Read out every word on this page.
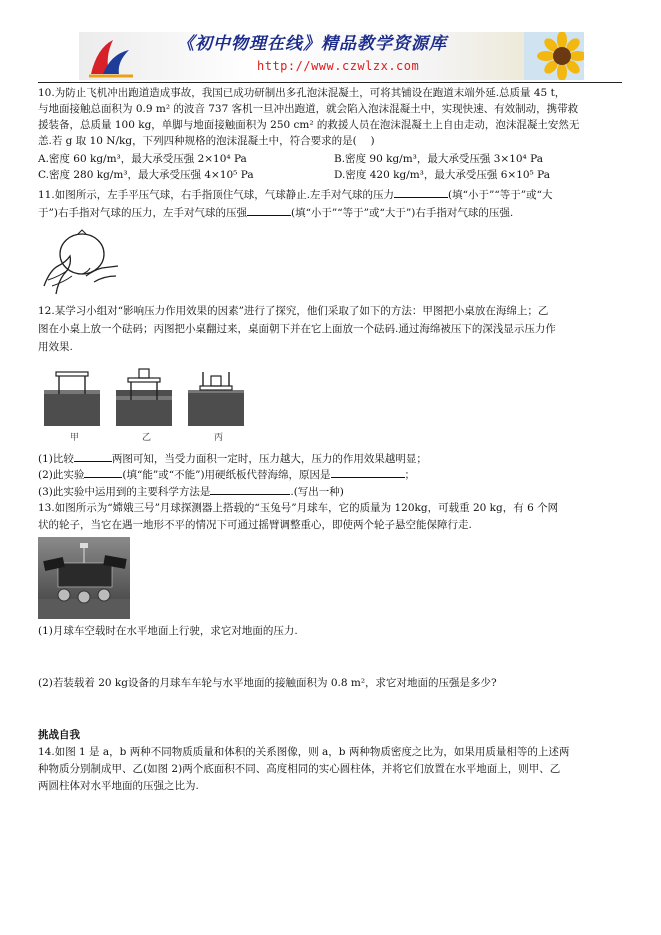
《初中物理在线》精品教学资源库
http://www.czwlzx.com
10.为防止飞机冲出跑道造成事故，我国已成功研制出多孔泡沫混凝土，可将其铺设在跑道末端外延.总质量 45 t，
与地面接触总面积为 0.9 m² 的波音 737 客机一旦冲出跑道，就会陷入泡沫混凝土中，实现快速、有效制动，携带救
援装备，总质量 100 kg，单脚与地面接触面积为 250 cm² 的救援人员在泡沫混凝土上自由走动，泡沫混凝土安然无
恙.若 g 取 10 N/kg，下列四种规格的泡沫混凝土中，符合要求的是(　 )
A.密度 60 kg/m³，最大承受压强 2×10⁴ Pa	B.密度 90 kg/m³，最大承受压强 3×10⁴ Pa
C.密度 280 kg/m³，最大承受压强 4×10⁵ Pa	D.密度 420 kg/m³，最大承受压强 6×10⁵ Pa
11.如图所示，左手平压气球，右手指顶住气球，气球静止.左手对气球的压力	(填“小于”“等于”或“大
于”)右手指对气球的压力，左手对气球的压强	(填“小于”“等于”或“大于”)右手指对气球的压强.
12.某学习小组对“影响压力作用效果的因素”进行了探究，他们采取了如下的方法：甲图把小桌放在海绵上；乙
图在小桌上放一个砝码；丙图把小桌翻过来，桌面朝下并在它上面放一个砝码.通过海绵被压下的深浅显示压力作
用效果.
甲	乙	丙
(1)比较	两图可知，当受力面积一定时，压力越大，压力的作用效果越明显；
(2)此实验	(填“能”或“不能”)用硬纸板代替海绵，原因是	；
(3)此实验中运用到的主要科学方法是	.(写出一种)
13.如图所示为“嫦娥三号”月球探测器上搭载的“玉兔号”月球车，它的质量为 120kg，可载重 20 kg，有 6 个网
状的轮子，当它在遇一地形不平的情况下可通过摇臂调整重心，即使两个轮子悬空能保障行走.
(1)月球车空载时在水平地面上行驶，求它对地面的压力.
(2)若装载着 20 kg设备的月球车车轮与水平地面的接触面积为 0.8 m²，求它对地面的压强是多少?
挑战自我
14.如图 1 是 a，b 两种不同物质质量和体积的关系图像，则 a，b 两种物质密度之比为，如果用质量相等的上述两
种物质分别制成甲、乙(如图 2)两个底面积不同、高度相同的实心圆柱体，并将它们放置在水平地面上，则甲、乙
两圆柱体对水平地面的压强之比为.
